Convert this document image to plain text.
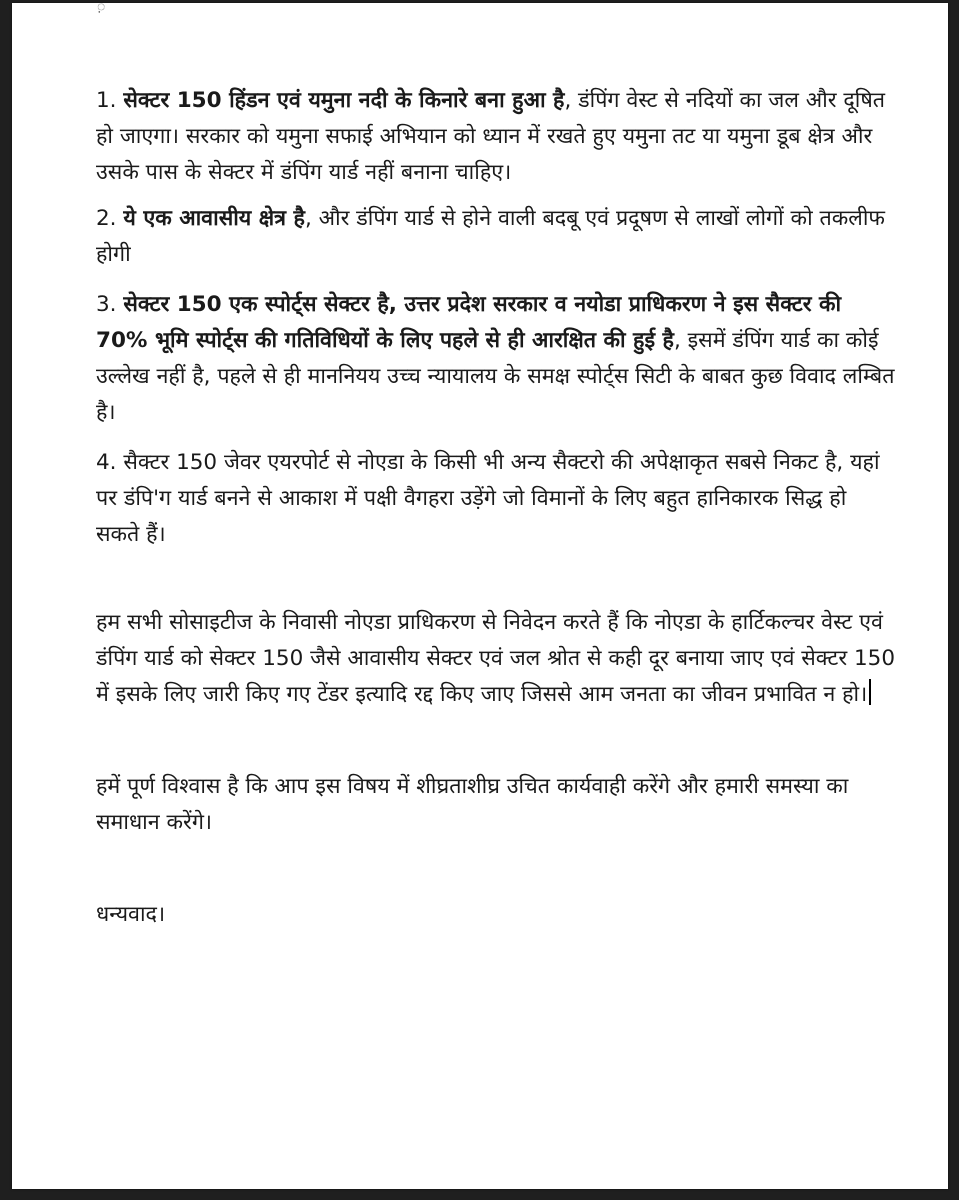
़

1. सेक्टर 150 हिंडन एवं यमुना नदी के किनारे बना हुआ है, डंपिंग वेस्ट से नदियों का जल और दूषित हो जाएगा। सरकार को यमुना सफाई अभियान को ध्यान में रखते हुए यमुना तट या यमुना डूब क्षेत्र और उसके पास के सेक्टर में डंपिंग यार्ड नहीं बनाना चाहिए।

2. ये एक आवासीय क्षेत्र है, और डंपिंग यार्ड से होने वाली बदबू एवं प्रदूषण से लाखों लोगों को तकलीफ होगी

3. सेक्टर 150 एक स्पोर्ट्स सेक्टर है, उत्तर प्रदेश सरकार व नयोडा प्राधिकरण ने इस सैक्टर की 70% भूमि स्पोर्ट्स की गतिविधियों के लिए पहले से ही आरक्षित की हुई है, इसमें डंपिंग यार्ड का कोई उल्लेख नहीं है, पहले से ही माननियय उच्च न्यायालय के समक्ष स्पोर्ट्स सिटी के बाबत कुछ विवाद लम्बित है।

4. सैक्टर 150 जेवर एयरपोर्ट से नोएडा के किसी भी अन्य सैक्टरो की अपेक्षाकृत सबसे निकट है, यहां पर डंपि'ग यार्ड बनने से आकाश में पक्षी वैगहरा उड़ेंगे जो विमानों के लिए बहुत हानिकारक सिद्ध हो सकते हैं।

हम सभी सोसाइटीज के निवासी नोएडा प्राधिकरण से निवेदन करते हैं कि नोएडा के हार्टिकल्चर वेस्ट एवं डंपिंग यार्ड को सेक्टर 150 जैसे आवासीय सेक्टर एवं जल श्रोत से कही दूर बनाया जाए एवं सेक्टर 150 में इसके लिए जारी किए गए टेंडर इत्यादि रद्द किए जाए जिससे आम जनता का जीवन प्रभावित न हो।

हमें पूर्ण विश्वास है कि आप इस विषय में शीघ्रताशीघ्र उचित कार्यवाही करेंगे और हमारी समस्या का समाधान करेंगे।

धन्यवाद।
